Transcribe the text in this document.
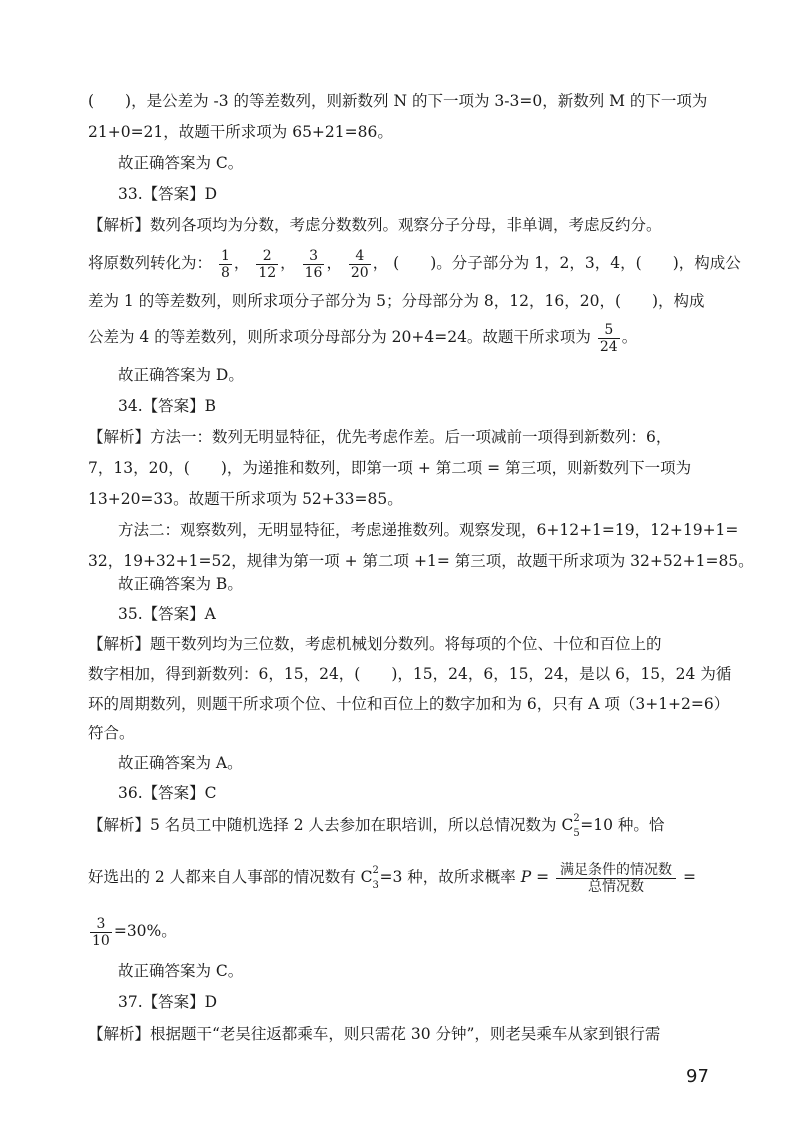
(　　)，是公差为 -3 的等差数列，则新数列 N 的下一项为 3-3=0，新数列 M 的下一项为
21+0=21，故题干所求项为 65+21=86。
故正确答案为 C。
33.【答案】D
【解析】数列各项均为分数，考虑分数数列。观察分子分母，非单调，考虑反约分。
将原数列转化为： $\frac{1}{8}$ ， $\frac{2}{12}$ ， $\frac{3}{16}$ ， $\frac{4}{20}$ ， (　　)。分子部分为 1，2，3，4，(　　)，构成公
差为 1 的等差数列，则所求项分子部分为 5；分母部分为 8，12，16，20，(　　)，构成
公差为 4 的等差数列，则所求项分母部分为 20+4=24。故题干所求项为 $\frac{5}{24}$ 。
故正确答案为 D。
34.【答案】B
【解析】方法一：数列无明显特征，优先考虑作差。后一项减前一项得到新数列：6，
7，13，20，(　　)，为递推和数列，即第一项 + 第二项 = 第三项，则新数列下一项为
13+20=33。故题干所求项为 52+33=85。
方法二：观察数列，无明显特征，考虑递推数列。观察发现，6+12+1=19，12+19+1=
32，19+32+1=52，规律为第一项 + 第二项 +1= 第三项，故题干所求项为 32+52+1=85。
故正确答案为 B。
35.【答案】A
【解析】题干数列均为三位数，考虑机械划分数列。将每项的个位、十位和百位上的
数字相加，得到新数列：6，15，24，(　　)，15，24，6，15，24，是以 6，15，24 为循
环的周期数列，则题干所求项个位、十位和百位上的数字加和为 6，只有 A 项（3+1+2=6）
符合。
故正确答案为 A。
36.【答案】C
【解析】5 名员工中随机选择 2 人去参加在职培训，所以总情况数为 C 2
5 =10 种。恰
好选出的 2 人都来自人事部的情况数有 C 2
3 =3 种，故所求概率 $P = \frac{\text{满足条件的情况数}}{\text{总情况数}}$ =
$\frac{3}{10} =30\%$。
故正确答案为 C。
37.【答案】D
【解析】根据题干“老吴往返都乘车，则只需花 30 分钟”，则老吴乘车从家到银行需
97
